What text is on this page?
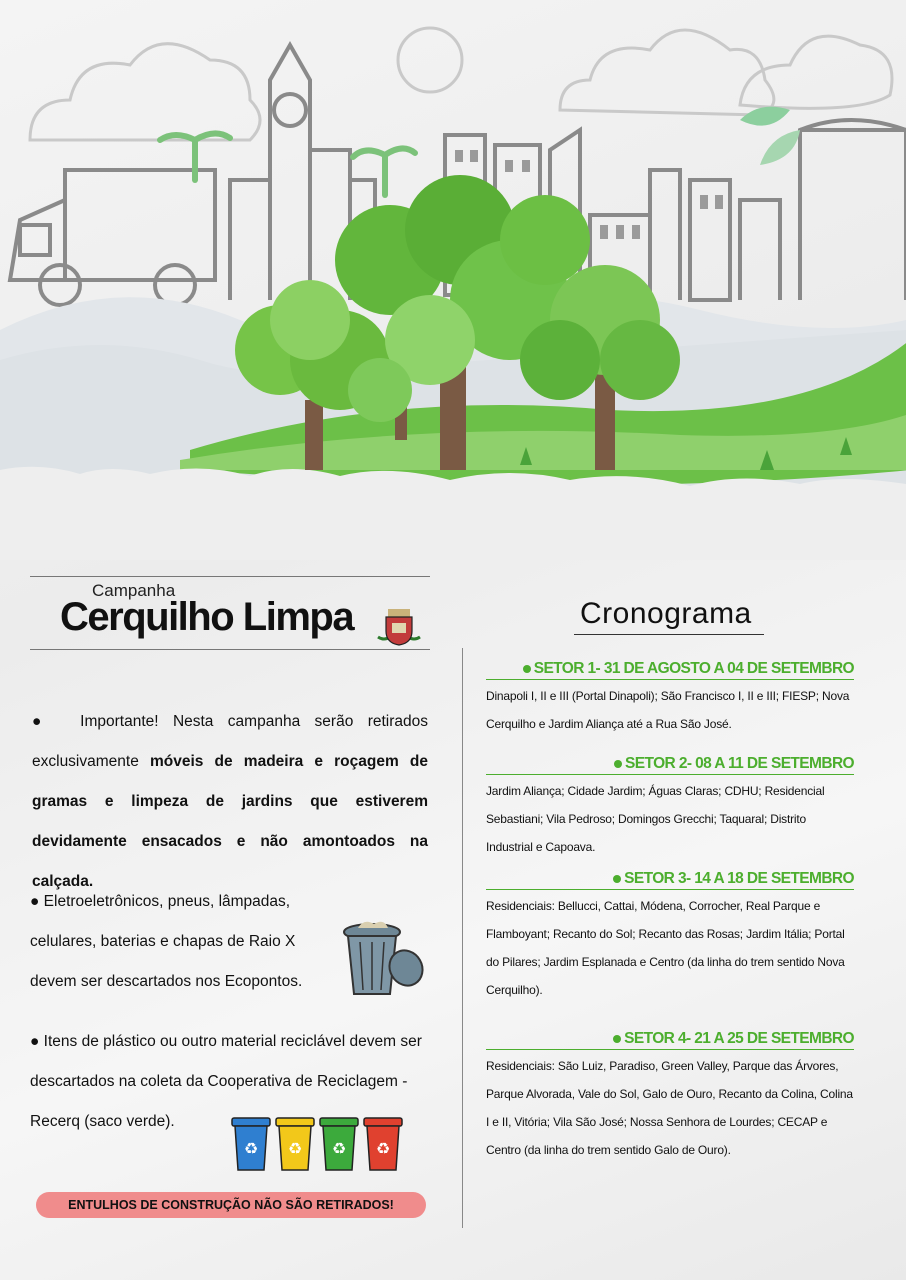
Campanha
Cerquilho Limpa

●  Importante! Nesta campanha serão retirados exclusivamente móveis de madeira e roçagem de gramas e limpeza de jardins que estiverem devidamente ensacados e não amontoados na calçada.

● Eletroeletrônicos, pneus, lâmpadas, celulares, baterias e chapas de Raio X devem ser descartados nos Ecopontos.

● Itens de plástico ou outro material reciclável devem ser descartados na coleta da Cooperativa de Reciclagem - Recerq (saco verde).

♻ ♻ ♻ ♻
ENTULHOS DE CONSTRUÇÃO NÃO SÃO RETIRADOS!
Cronograma
SETOR 1- 31 DE AGOSTO A 04 DE SETEMBRO
Dinapoli I, II e III (Portal Dinapoli); São Francisco I, II e III; FIESP; Nova Cerquilho e Jardim Aliança até a Rua São José.
SETOR 2- 08 A 11 DE SETEMBRO
Jardim Aliança; Cidade Jardim; Águas Claras; CDHU; Residencial Sebastiani; Vila Pedroso; Domingos Grecchi; Taquaral; Distrito Industrial e Capoava.
SETOR 3- 14 A 18 DE SETEMBRO
Residenciais: Bellucci, Cattai, Módena, Corrocher, Real Parque e Flamboyant; Recanto do Sol; Recanto das Rosas; Jardim Itália; Portal do Pilares; Jardim Esplanada e Centro (da linha do trem sentido Nova Cerquilho).
SETOR 4- 21 A 25 DE SETEMBRO
Residenciais: São Luiz, Paradiso, Green Valley, Parque das Árvores, Parque Alvorada, Vale do Sol, Galo de Ouro, Recanto da Colina, Colina I e II, Vitória; Vila São José; Nossa Senhora de Lourdes; CECAP e Centro (da linha do trem sentido Galo de Ouro).
